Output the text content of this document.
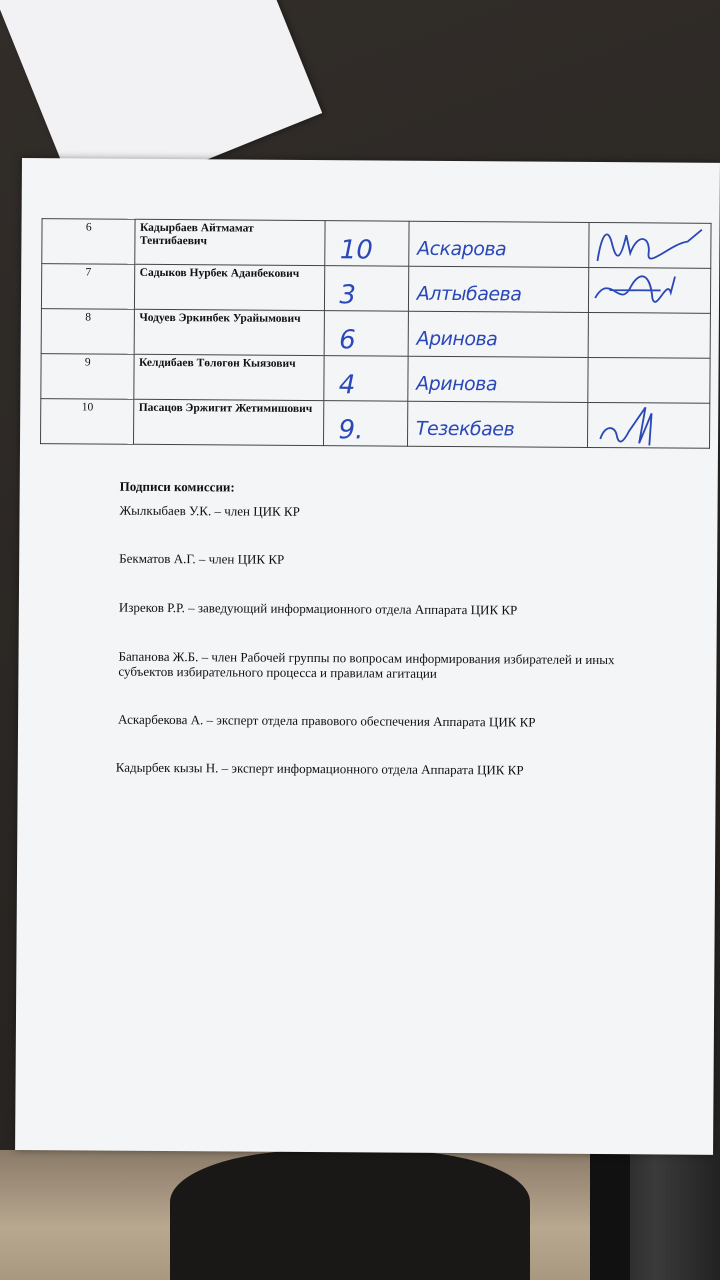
6	Кадырбаев Айтмамат Тентибаевич	10	Аскарова

7	Садыков Нурбек Аданбекович	3	Алтыбаева

8	Чодуев Эркинбек Урайымович	6	Аринова	

9	Келдибаев Төлөгөн Кыязович	4	Аринова	

10	Пасацов Эржигит Жетимишович	9.	Тезекбаев

Подписи комиссии:
Жылкыбаев У.К. – член ЦИК КР
Бекматов А.Г. – член ЦИК КР
Изреков Р.Р. – заведующий информационного отдела Аппарата ЦИК КР
Бапанова Ж.Б. – член Рабочей группы по вопросам информирования избирателей и иных субъектов избирательного процесса и правилам агитации
Аскарбекова А. – эксперт отдела правового обеспечения Аппарата ЦИК КР
Кадырбек кызы Н. – эксперт информационного отдела Аппарата ЦИК КР
